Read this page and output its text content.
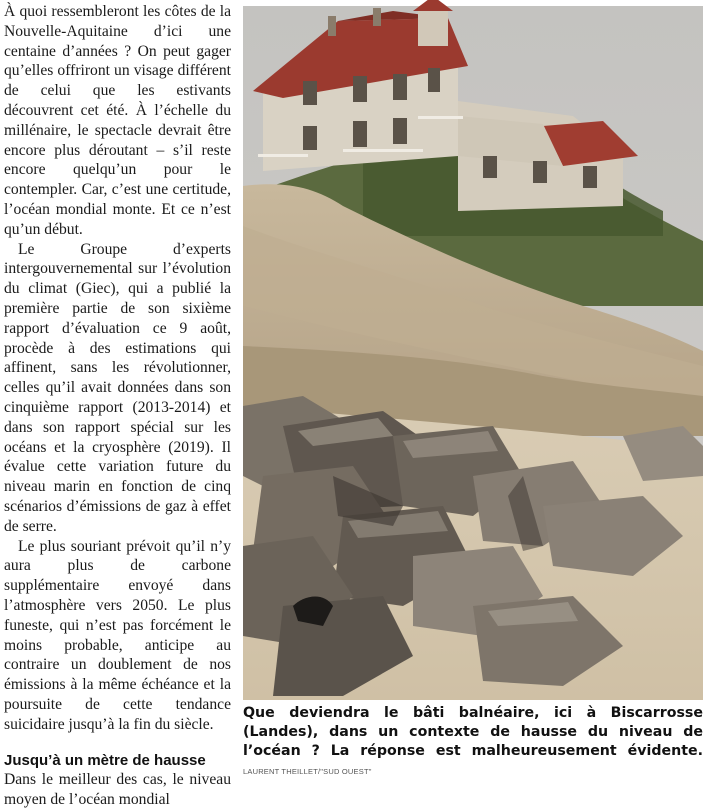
À quoi ressembleront les côtes de la Nouvelle-Aquitaine d’ici une centaine d’années ? On peut gager qu’elles offriront un visage différent de celui que les estivants découvrent cet été. À l’échelle du millénaire, le spectacle devrait être encore plus déroutant – s’il reste encore quelqu’un pour le contempler. Car, c’est une certitude, l’océan mondial monte. Et ce n’est qu’un début.

Le Groupe d’experts intergouvernemental sur l’évolution du climat (Giec), qui a publié la première partie de son sixième rapport d’évaluation ce 9 août, procède à des estimations qui affinent, sans les révolutionner, celles qu’il avait données dans son cinquième rapport (2013-2014) et dans son rapport spécial sur les océans et la cryosphère (2019). Il évalue cette variation future du niveau marin en fonction de cinq scénarios d’émissions de gaz à effet de serre.

Le plus souriant prévoit qu’il n’y aura plus de carbone supplémentaire envoyé dans l’atmosphère vers 2050. Le plus funeste, qui n’est pas forcément le moins probable, anticipe au contraire un doublement de nos émissions à la même échéance et la poursuite de cette tendance suicidaire jusqu’à la fin du siècle.

Jusqu’à un mètre de hausse

Dans le meilleur des cas, le niveau moyen de l’océan mondial

Que deviendra le bâti balnéaire, ici à Biscarrosse (Landes), dans un contexte de hausse du niveau de l’océan ? La réponse est malheureusement évidente. LAURENT THEILLET/"SUD OUEST"
